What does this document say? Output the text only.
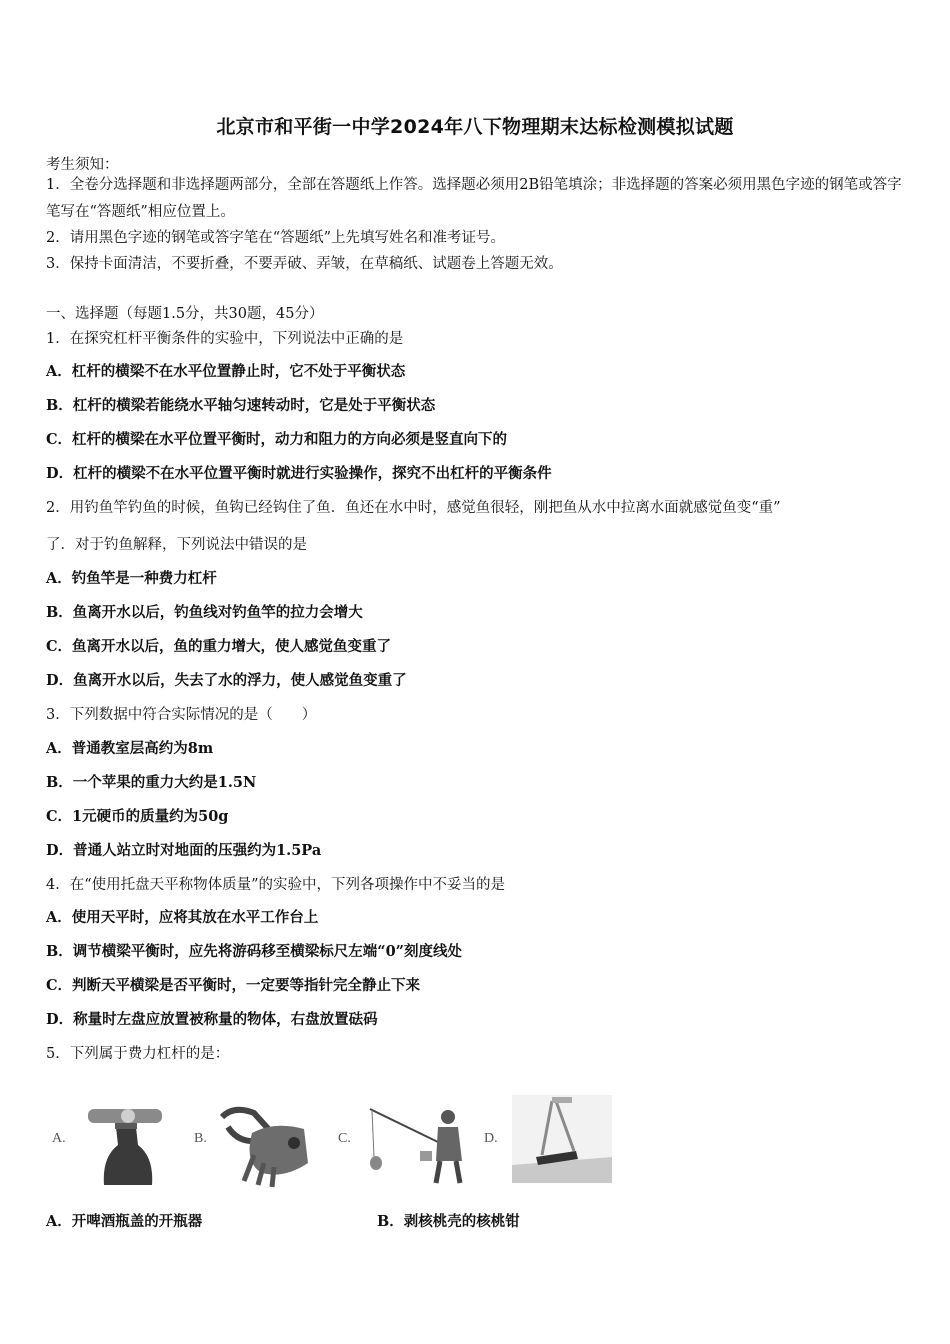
北京市和平街一中学2024年八下物理期末达标检测模拟试题
考生须知：
1．全卷分选择题和非选择题两部分，全部在答题纸上作答。选择题必须用2B铅笔填涂；非选择题的答案必须用黑色字迹的钢笔或答字笔写在“答题纸”相应位置上。
2．请用黑色字迹的钢笔或答字笔在“答题纸”上先填写姓名和准考证号。
3．保持卡面清洁，不要折叠，不要弄破、弄皱，在草稿纸、试题卷上答题无效。
一、选择题（每题1.5分，共30题，45分）
1．在探究杠杆平衡条件的实验中，下列说法中正确的是
A．杠杆的横梁不在水平位置静止时，它不处于平衡状态
B．杠杆的横梁若能绕水平轴匀速转动时，它是处于平衡状态
C．杠杆的横梁在水平位置平衡时，动力和阻力的方向必须是竖直向下的
D．杠杆的横梁不在水平位置平衡时就进行实验操作，探究不出杠杆的平衡条件
2．用钓鱼竿钓鱼的时候，鱼钩已经钩住了鱼．鱼还在水中时，感觉鱼很轻，刚把鱼从水中拉离水面就感觉鱼变“重”
了．对于钓鱼解释，下列说法中错误的是
A．钓鱼竿是一种费力杠杆
B．鱼离开水以后，钓鱼线对钓鱼竿的拉力会增大
C．鱼离开水以后，鱼的重力增大，使人感觉鱼变重了
D．鱼离开水以后，失去了水的浮力，使人感觉鱼变重了
3．下列数据中符合实际情况的是（　　）
A．普通教室层高约为8m
B．一个苹果的重力大约是1.5N
C．1元硬币的质量约为50g
D．普通人站立时对地面的压强约为1.5Pa
4．在“使用托盘天平称物体质量”的实验中，下列各项操作中不妥当的是
A．使用天平时，应将其放在水平工作台上
B．调节横梁平衡时，应先将游码移至横梁标尺左端“0”刻度线处
C．判断天平横梁是否平衡时，一定要等指针完全静止下来
D．称量时左盘应放置被称量的物体，右盘放置砝码
5．下列属于费力杠杆的是：
A.	B.	C.	D.
A．开啤酒瓶盖的开瓶器	B．剥核桃壳的核桃钳
